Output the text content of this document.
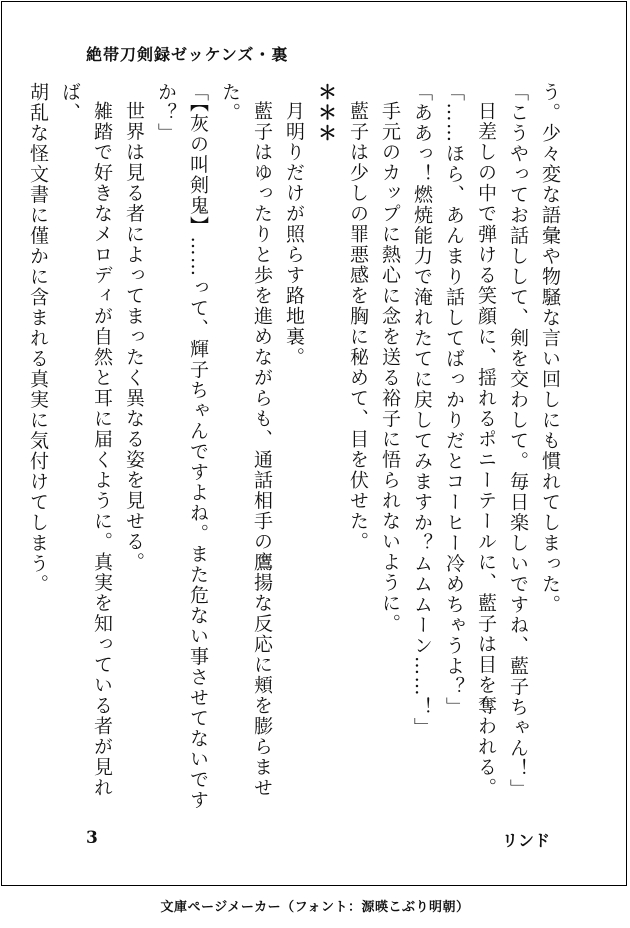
絶帯刀剣録ゼッケンズ・裏

う。少々変な語彙や物騒な言い回しにも慣れてしまった。

「こうやってお話しして、剣を交わして。毎日楽しいですね、藍子ちゃん！」

日差しの中で弾ける笑顔に、揺れるポニーテールに、藍子は目を奪われる。

「……ほら、あんまり話してばっかりだとコーヒー冷めちゃうよ？」

「ああっ！燃焼能力で淹れたてに戻してみますか？ムムムーン……！」

手元のカップに熱心に念を送る裕子に悟られないように。

藍子は少しの罪悪感を胸に秘めて、目を伏せた。

＊＊＊

月明りだけが照らす路地裏。

藍子はゆったりと歩を進めながらも、通話相手の鷹揚な反応に頬を膨らませた。

「【灰の叫剣鬼】……って、輝子ちゃんですよね。また危ない事させてないですか？」

世界は見る者によってまったく異なる姿を見せる。

雑踏で好きなメロディが自然と耳に届くように。真実を知っている者が見れば、

胡乱な怪文書に僅かに含まれる真実に気付けてしまう。

3	リンド
文庫ページメーカー（フォント：源暎こぶり明朝）
